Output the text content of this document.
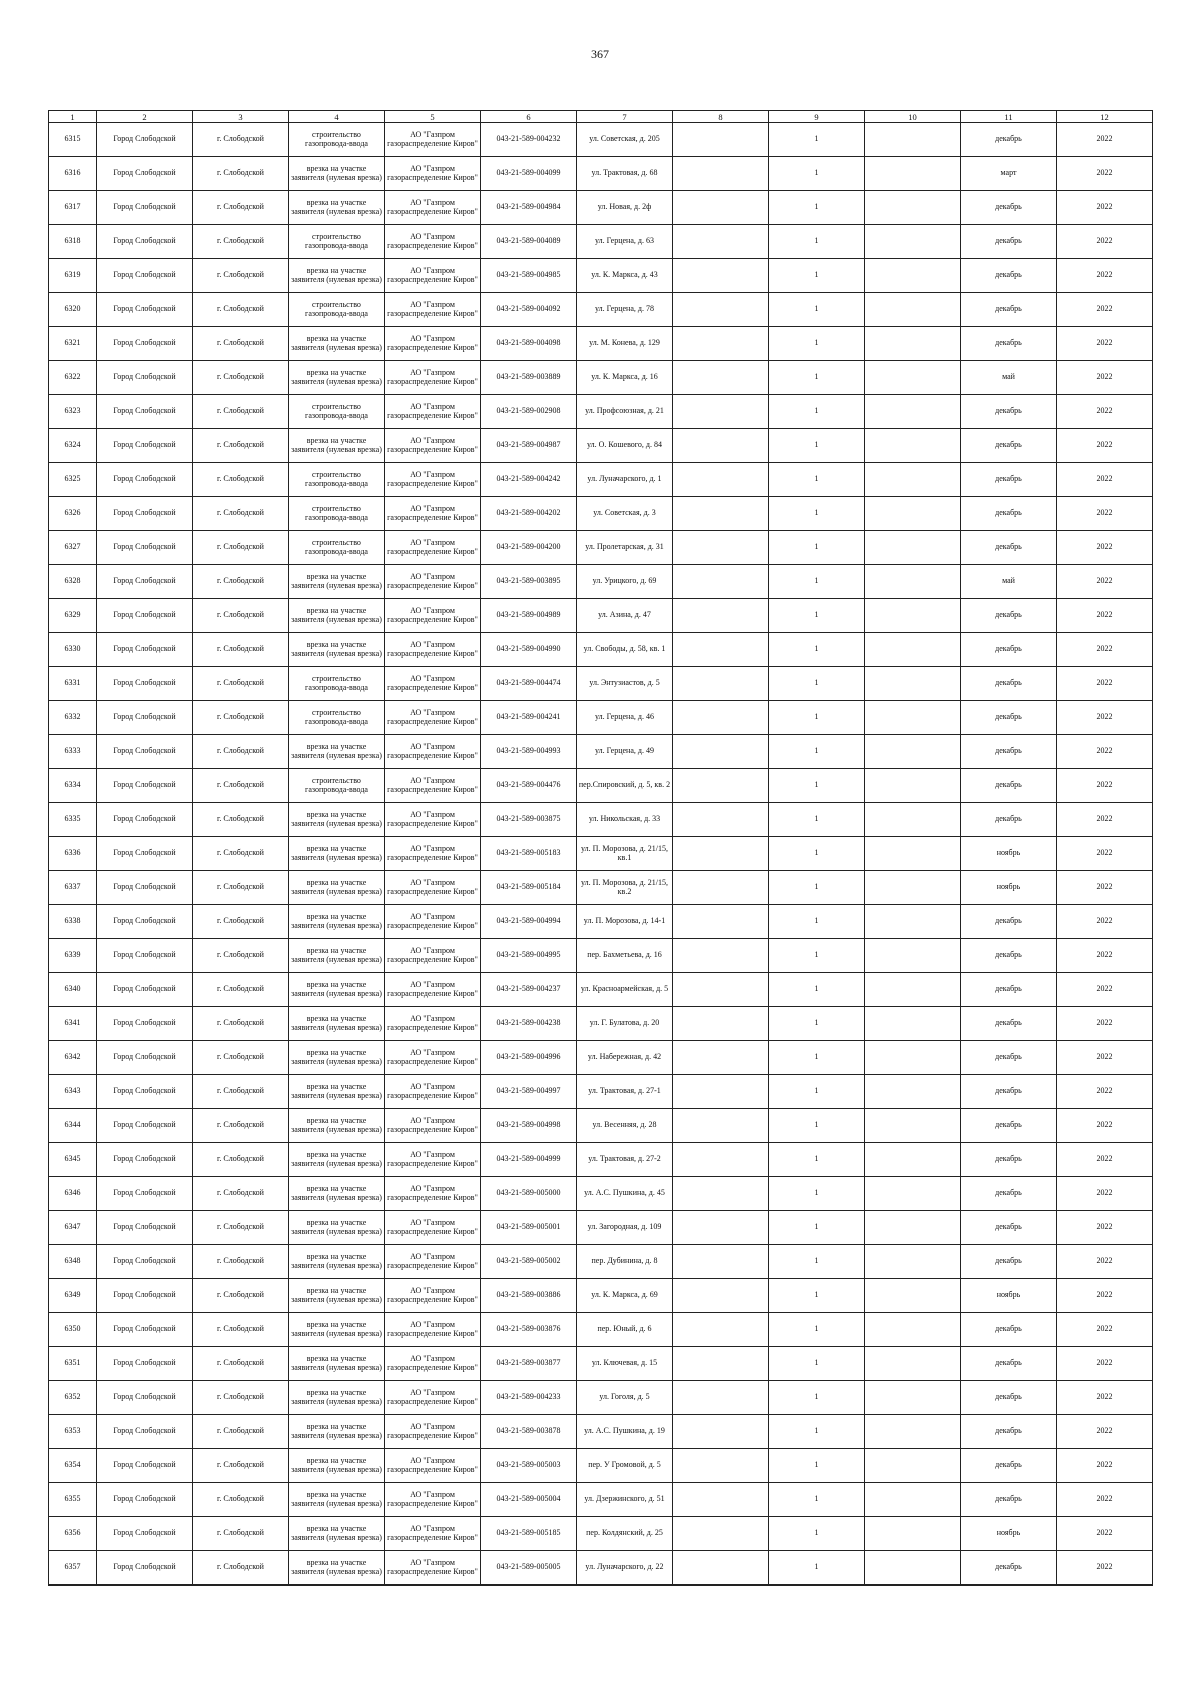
367
1	2	3	4	5	6	7	8	9	10	11	12
6315	Город Слободской	г. Слободской	строительство газопровода-ввода	АО "Газпром газораспределение Киров"	043-21-589-004232	ул. Советская, д. 205		1		декабрь	2022
6316	Город Слободской	г. Слободской	врезка на участке заявителя (нулевая врезка)	АО "Газпром газораспределение Киров"	043-21-589-004099	ул. Трактовая, д. 68		1		март	2022
6317	Город Слободской	г. Слободской	врезка на участке заявителя (нулевая врезка)	АО "Газпром газораспределение Киров"	043-21-589-004984	ул. Новая, д. 2ф		1		декабрь	2022
6318	Город Слободской	г. Слободской	строительство газопровода-ввода	АО "Газпром газораспределение Киров"	043-21-589-004089	ул. Герцена, д. 63		1		декабрь	2022
6319	Город Слободской	г. Слободской	врезка на участке заявителя (нулевая врезка)	АО "Газпром газораспределение Киров"	043-21-589-004985	ул. К. Маркса, д. 43		1		декабрь	2022
6320	Город Слободской	г. Слободской	строительство газопровода-ввода	АО "Газпром газораспределение Киров"	043-21-589-004092	ул. Герцена, д. 78		1		декабрь	2022
6321	Город Слободской	г. Слободской	врезка на участке заявителя (нулевая врезка)	АО "Газпром газораспределение Киров"	043-21-589-004098	ул. М. Конева, д. 129		1		декабрь	2022
6322	Город Слободской	г. Слободской	врезка на участке заявителя (нулевая врезка)	АО "Газпром газораспределение Киров"	043-21-589-003889	ул. К. Маркса, д. 16		1		май	2022
6323	Город Слободской	г. Слободской	строительство газопровода-ввода	АО "Газпром газораспределение Киров"	043-21-589-002908	ул. Профсоюзная, д. 21		1		декабрь	2022
6324	Город Слободской	г. Слободской	врезка на участке заявителя (нулевая врезка)	АО "Газпром газораспределение Киров"	043-21-589-004987	ул. О. Кошевого, д. 84		1		декабрь	2022
6325	Город Слободской	г. Слободской	строительство газопровода-ввода	АО "Газпром газораспределение Киров"	043-21-589-004242	ул. Луначарского, д. 1		1		декабрь	2022
6326	Город Слободской	г. Слободской	строительство газопровода-ввода	АО "Газпром газораспределение Киров"	043-21-589-004202	ул. Советская, д. 3		1		декабрь	2022
6327	Город Слободской	г. Слободской	строительство газопровода-ввода	АО "Газпром газораспределение Киров"	043-21-589-004200	ул. Пролетарская, д. 31		1		декабрь	2022
6328	Город Слободской	г. Слободской	врезка на участке заявителя (нулевая врезка)	АО "Газпром газораспределение Киров"	043-21-589-003895	ул. Урицкого, д. 69		1		май	2022
6329	Город Слободской	г. Слободской	врезка на участке заявителя (нулевая врезка)	АО "Газпром газораспределение Киров"	043-21-589-004989	ул. Азина, д. 47		1		декабрь	2022
6330	Город Слободской	г. Слободской	врезка на участке заявителя (нулевая врезка)	АО "Газпром газораспределение Киров"	043-21-589-004990	ул. Свободы, д. 58, кв. 1		1		декабрь	2022
6331	Город Слободской	г. Слободской	строительство газопровода-ввода	АО "Газпром газораспределение Киров"	043-21-589-004474	ул. Энтузиастов, д. 5		1		декабрь	2022
6332	Город Слободской	г. Слободской	строительство газопровода-ввода	АО "Газпром газораспределение Киров"	043-21-589-004241	ул. Герцена, д. 46		1		декабрь	2022
6333	Город Слободской	г. Слободской	врезка на участке заявителя (нулевая врезка)	АО "Газпром газораспределение Киров"	043-21-589-004993	ул. Герцена, д. 49		1		декабрь	2022
6334	Город Слободской	г. Слободской	строительство газопровода-ввода	АО "Газпром газораспределение Киров"	043-21-589-004476	пер.Спировский, д. 5, кв. 2		1		декабрь	2022
6335	Город Слободской	г. Слободской	врезка на участке заявителя (нулевая врезка)	АО "Газпром газораспределение Киров"	043-21-589-003875	ул. Никольская, д. 33		1		декабрь	2022
6336	Город Слободской	г. Слободской	врезка на участке заявителя (нулевая врезка)	АО "Газпром газораспределение Киров"	043-21-589-005183	ул. П. Морозова, д. 21/15, кв.1		1		ноябрь	2022
6337	Город Слободской	г. Слободской	врезка на участке заявителя (нулевая врезка)	АО "Газпром газораспределение Киров"	043-21-589-005184	ул. П. Морозова, д. 21/15, кв.2		1		ноябрь	2022
6338	Город Слободской	г. Слободской	врезка на участке заявителя (нулевая врезка)	АО "Газпром газораспределение Киров"	043-21-589-004994	ул. П. Морозова, д. 14-1		1		декабрь	2022
6339	Город Слободской	г. Слободской	врезка на участке заявителя (нулевая врезка)	АО "Газпром газораспределение Киров"	043-21-589-004995	пер. Бахметьева, д. 16		1		декабрь	2022
6340	Город Слободской	г. Слободской	врезка на участке заявителя (нулевая врезка)	АО "Газпром газораспределение Киров"	043-21-589-004237	ул. Красноармейская, д. 5		1		декабрь	2022
6341	Город Слободской	г. Слободской	врезка на участке заявителя (нулевая врезка)	АО "Газпром газораспределение Киров"	043-21-589-004238	ул. Г. Булатова, д. 20		1		декабрь	2022
6342	Город Слободской	г. Слободской	врезка на участке заявителя (нулевая врезка)	АО "Газпром газораспределение Киров"	043-21-589-004996	ул. Набережная, д. 42		1		декабрь	2022
6343	Город Слободской	г. Слободской	врезка на участке заявителя (нулевая врезка)	АО "Газпром газораспределение Киров"	043-21-589-004997	ул. Трактовая, д. 27-1		1		декабрь	2022
6344	Город Слободской	г. Слободской	врезка на участке заявителя (нулевая врезка)	АО "Газпром газораспределение Киров"	043-21-589-004998	ул. Весенняя, д. 28		1		декабрь	2022
6345	Город Слободской	г. Слободской	врезка на участке заявителя (нулевая врезка)	АО "Газпром газораспределение Киров"	043-21-589-004999	ул. Трактовая, д. 27-2		1		декабрь	2022
6346	Город Слободской	г. Слободской	врезка на участке заявителя (нулевая врезка)	АО "Газпром газораспределение Киров"	043-21-589-005000	ул. А.С. Пушкина, д. 45		1		декабрь	2022
6347	Город Слободской	г. Слободской	врезка на участке заявителя (нулевая врезка)	АО "Газпром газораспределение Киров"	043-21-589-005001	ул. Загородная, д. 109		1		декабрь	2022
6348	Город Слободской	г. Слободской	врезка на участке заявителя (нулевая врезка)	АО "Газпром газораспределение Киров"	043-21-589-005002	пер. Дубинина, д. 8		1		декабрь	2022
6349	Город Слободской	г. Слободской	врезка на участке заявителя (нулевая врезка)	АО "Газпром газораспределение Киров"	043-21-589-003886	ул. К. Маркса, д. 69		1		ноябрь	2022
6350	Город Слободской	г. Слободской	врезка на участке заявителя (нулевая врезка)	АО "Газпром газораспределение Киров"	043-21-589-003876	пер. Юный, д. 6		1		декабрь	2022
6351	Город Слободской	г. Слободской	врезка на участке заявителя (нулевая врезка)	АО "Газпром газораспределение Киров"	043-21-589-003877	ул. Ключевая, д. 15		1		декабрь	2022
6352	Город Слободской	г. Слободской	врезка на участке заявителя (нулевая врезка)	АО "Газпром газораспределение Киров"	043-21-589-004233	ул. Гоголя, д. 5		1		декабрь	2022
6353	Город Слободской	г. Слободской	врезка на участке заявителя (нулевая врезка)	АО "Газпром газораспределение Киров"	043-21-589-003878	ул. А.С. Пушкина, д. 19		1		декабрь	2022
6354	Город Слободской	г. Слободской	врезка на участке заявителя (нулевая врезка)	АО "Газпром газораспределение Киров"	043-21-589-005003	пер. У Громовой, д. 5		1		декабрь	2022
6355	Город Слободской	г. Слободской	врезка на участке заявителя (нулевая врезка)	АО "Газпром газораспределение Киров"	043-21-589-005004	ул. Дзержинского, д. 51		1		декабрь	2022
6356	Город Слободской	г. Слободской	врезка на участке заявителя (нулевая врезка)	АО "Газпром газораспределение Киров"	043-21-589-005185	пер. Колдянский, д. 25		1		ноябрь	2022
6357	Город Слободской	г. Слободской	врезка на участке заявителя (нулевая врезка)	АО "Газпром газораспределение Киров"	043-21-589-005005	ул. Луначарского, д. 22		1		декабрь	2022
